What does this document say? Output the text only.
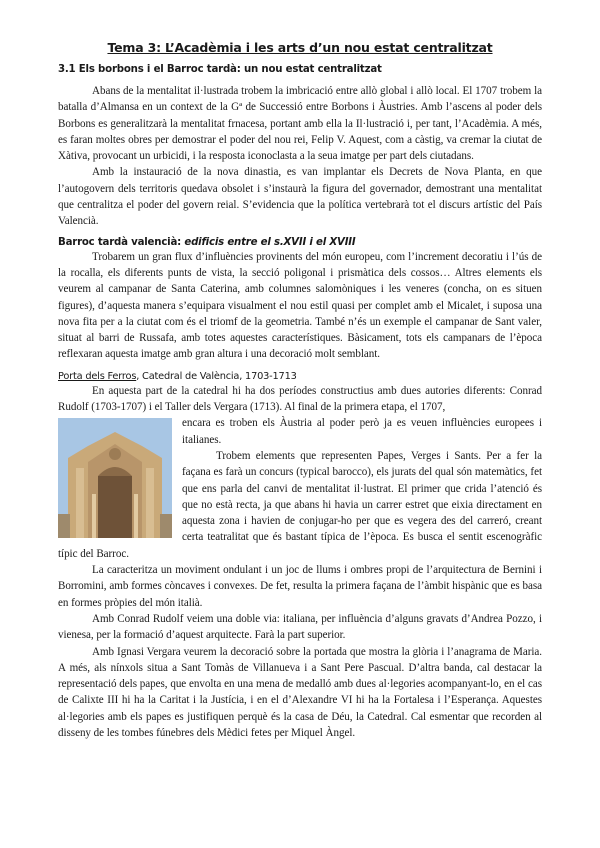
Tema 3: L’Acadèmia i les arts d’un nou estat centralitzat
3.1 Els borbons i el Barroc tardà: un nou estat centralitzat

Abans de la mentalitat il·lustrada trobem la imbricació entre allò global i allò local. El 1707 trobem la batalla d’Almansa en un context de la Gª de Successió entre Borbons i Àustries. Amb l’ascens al poder dels Borbons es generalitzarà la mentalitat frnacesa, portant amb ella la Il·lustració i, per tant, l’Acadèmia. A més, es faran moltes obres per demostrar el poder del nou rei, Felip V. Aquest, com a càstig, va cremar la ciutat de Xàtiva, provocant un urbicidi, i la resposta iconoclasta a la seua imatge per part dels ciutadans.

Amb la instauració de la nova dinastia, es van implantar els Decrets de Nova Planta, en que l’autogovern dels territoris quedava obsolet i s’instaurà la figura del governador, demostrant una mentalitat que centralitza el poder del govern reial. S’evidencia que la política vertebrarà tot el discurs artístic del País Valencià.

Barroc tardà valencià: edificis entre el s.XVII i el XVIII

Trobarem un gran flux d’influències provinents del món europeu, com l’increment decoratiu i l’ús de la rocalla, els diferents punts de vista, la secció poligonal i prismàtica dels cossos… Altres elements els veurem al campanar de Santa Caterina, amb columnes salomòniques i les veneres (concha, on es situen figures), d’aquesta manera s’equipara visualment el nou estil quasi per complet amb el Micalet, i suposa una nova fita per a la ciutat com és el triomf de la geometria. També n’és un exemple el campanar de Sant valer, situat al barri de Russafa, amb totes aquestes característiques. Bàsicament, tots els campanars de l’època reflexaran aquesta imatge amb gran altura i una decoració molt semblant.

Porta dels Ferros, Catedral de València, 1703-1713

En aquesta part de la catedral hi ha dos períodes constructius amb dues autories diferents: Conrad Rudolf (1703-1707) i el Taller dels Vergara (1713). Al final de la primera etapa, el 1707,

encara es troben els Àustria al poder però ja es veuen influències europees i italianes.

Trobem elements que representen Papes, Verges i Sants. Per a fer la façana es farà un concurs (typical barocco), els jurats del qual són matemàtics, fet que ens parla del canvi de mentalitat il·lustrat. El primer que crida l’atenció és que no està recta, ja que abans hi havia un carrer estret que eixia directament en aquesta zona i havien de conjugar-ho per que es vegera des del carreró, creant certa teatralitat que és bastant típica de l’època. Es busca el sentit escenogràfic típic del Barroc.

La caracteritza un moviment ondulant i un joc de llums i ombres propi de l’arquitectura de Bernini i Borromini, amb formes còncaves i convexes. De fet, resulta la primera façana de l’àmbit hispànic que es basa en formes pròpies del món italià.

Amb Conrad Rudolf veiem una doble via: italiana, per influència d’alguns gravats d’Andrea Pozzo, i vienesa, per la formació d’aquest arquitecte. Farà la part superior.

Amb Ignasi Vergara veurem la decoració sobre la portada que mostra la glòria i l’anagrama de Maria. A més, als nínxols situa a Sant Tomàs de Villanueva i a Sant Pere Pascual. D’altra banda, cal destacar la representació dels papes, que envolta en una mena de medalló amb dues al·legories acompanyant-lo, en el cas de Calixte III hi ha la Caritat i la Justícia, i en el d’Alexandre VI hi ha la Fortalesa i l’Esperança. Aquestes al·legories amb els papes es justifiquen perquè és la casa de Déu, la Catedral. Cal esmentar que recorden al disseny de les tombes fúnebres dels Mèdici fetes per Miquel Àngel.
